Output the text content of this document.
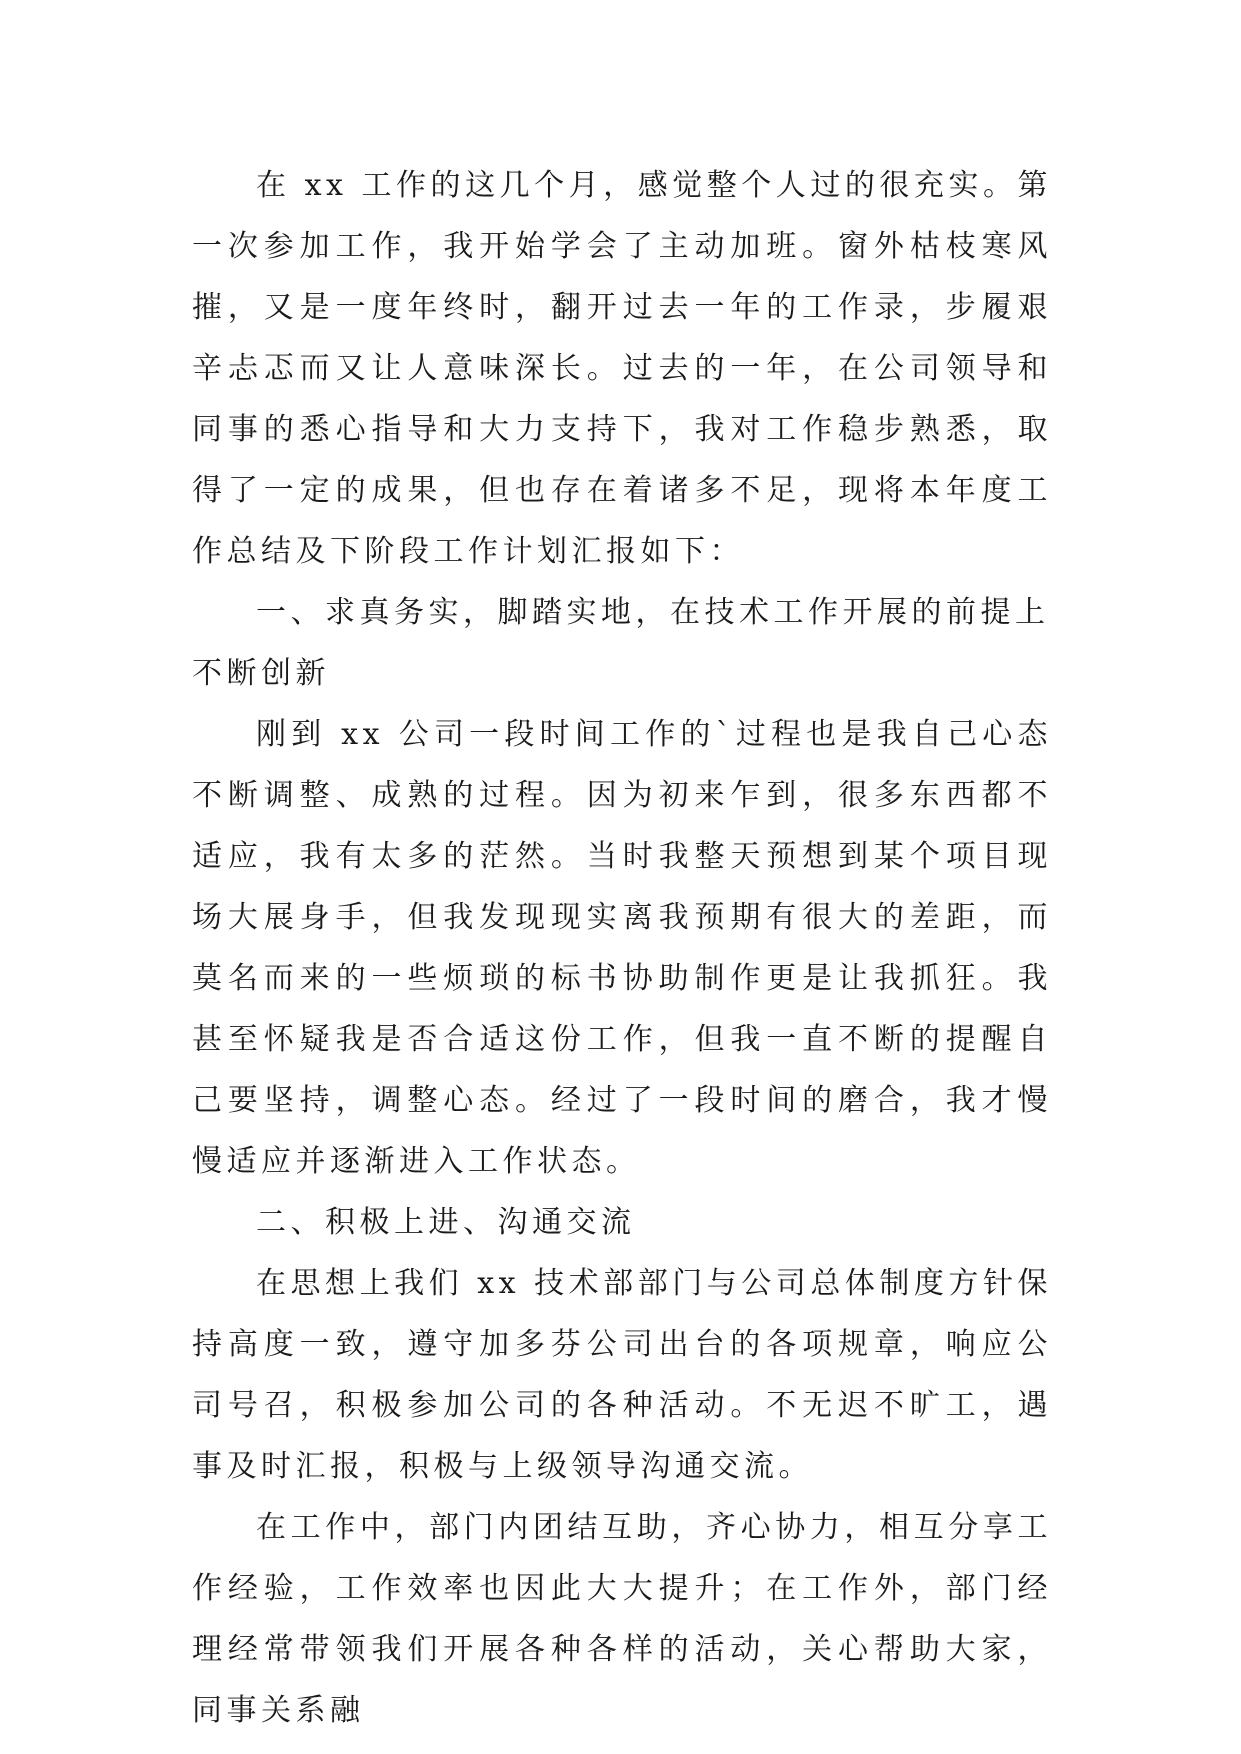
在 xx 工作的这几个月，感觉整个人过的很充实。第一次参加工作，我开始学会了主动加班。窗外枯枝寒风摧，又是一度年终时，翻开过去一年的工作录，步履艰辛忐忑而又让人意味深长。过去的一年，在公司领导和同事的悉心指导和大力支持下，我对工作稳步熟悉，取得了一定的成果，但也存在着诸多不足，现将本年度工作总结及下阶段工作计划汇报如下：

一、求真务实，脚踏实地，在技术工作开展的前提上不断创新

刚到 xx 公司一段时间工作的`过程也是我自己心态不断调整、成熟的过程。因为初来乍到，很多东西都不适应，我有太多的茫然。当时我整天预想到某个项目现场大展身手，但我发现现实离我预期有很大的差距，而莫名而来的一些烦琐的标书协助制作更是让我抓狂。我甚至怀疑我是否合适这份工作，但我一直不断的提醒自己要坚持，调整心态。经过了一段时间的磨合，我才慢慢适应并逐渐进入工作状态。

二、积极上进、沟通交流

在思想上我们 xx 技术部部门与公司总体制度方针保持高度一致，遵守加多芬公司出台的各项规章，响应公司号召，积极参加公司的各种活动。不无迟不旷工，遇事及时汇报，积极与上级领导沟通交流。

在工作中，部门内团结互助，齐心协力，相互分享工作经验，工作效率也因此大大提升；在工作外，部门经理经常带领我们开展各种各样的活动，关心帮助大家，同事关系融
